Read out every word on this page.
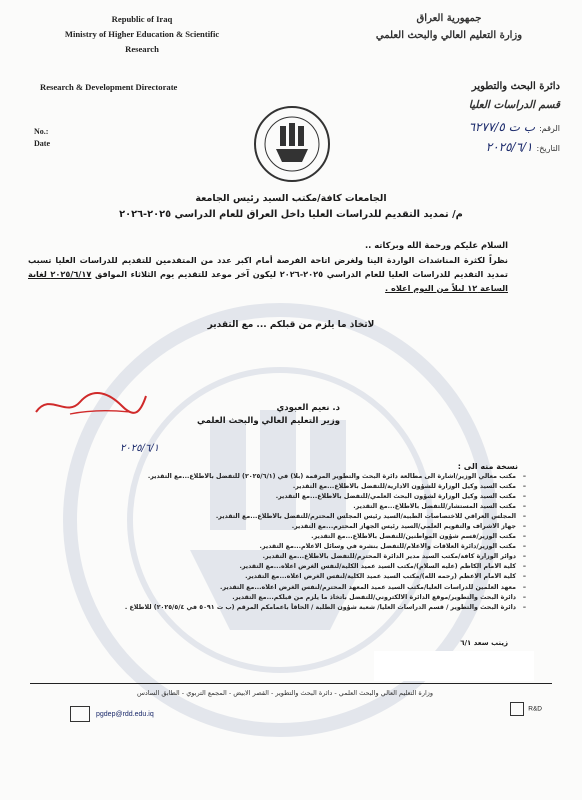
Republic of Iraq
Ministry of Higher Education & Scientific
Research
Research & Development Directorate
No.:
Date
جمهورية العراق
وزارة التعليم العالي والبحث العلمي
دائرة البحث والتطوير
قسم الدراسات العليا
الرقم:ب ت ٦٢٧٧/٥
التاريخ:٢٠٢٥/٦/١
الجامعات كافة/مكتب السيد رئيس الجامعة
م/ تمديد التقديم للدراسات العليا داخل العراق للعام الدراسي ٢٠٢٥-٢٠٢٦
السلام عليكم ورحمة الله وبركاته ..
نظراً لكثرة المناشدات الواردة الينا ولغرض اتاحة الفرصة أمام اكبر عدد من المتقدمين للتقديم للدراسات العليا تسبب تمديد التقديم للدراسات العليا للعام الدراسي ٢٠٢٥-٢٠٢٦ ليكون آخر موعد للتقديم يوم الثلاثاء الموافق ٢٠٢٥/٦/١٧ لغاية الساعة ١٢ ليلاً من اليوم اعلاه .
لاتخاذ ما يلزم من قبلكم ... مع التقدير
د. نعيم العبودي
وزير التعليم العالي والبحث العلمي
٢٠٢٥/٦/١
نسخة منه الى :
– مكتب معالي الوزير/اشارة الى مطالعة دائرة البحث والتطوير المرقمة (بلا) في (٢٠٢٥/٦/١) للتفضل بالاطلاع...مع التقدير.
– مكتب السيد وكيل الوزارة للشؤون الادارية/للتفضل بالاطلاع...مع التقدير.
– مكتب السيد وكيل الوزارة لشؤون البحث العلمي/للتفضل بالاطلاع...مع التقدير.
– مكتب السيد المستشار/للتفضل بالاطلاع...مع التقدير.
– المجلس العراقي للاختصاصات الطبية/السيد رئيس المجلس المحترم/للتفضل بالاطلاع...مع التقدير.
– جهاز الاشراف والتقويم العلمي/السيد رئيس الجهاز المحترم...مع التقدير.
– مكتب الوزير/قسم شؤون المواطنين/للتفضل بالاطلاع...مع التقدير.
– مكتب الوزير/دائرة العلاقات والاعلام/للتفضل بنشره في وسائل الاعلام...مع التقدير.
– دوائر الوزارة كافة/مكتب السيد مدير الدائرة المحترم/للتفضل بالاطلاع...مع التقدير.
– كلية الامام الكاظم (عليه السلام)/مكتب السيد عميد الكلية/لنفس الغرض اعلاه...مع التقدير.
– كلية الامام الاعظم (رحمه الله)/مكتب السيد عميد الكلية/لنفس الغرض اعلاه...مع التقدير.
– معهد العلمين للدراسات العليا/مكتب السيد عميد المعهد المحترم/لنفس الغرض اعلاه...مع التقدير.
– دائرة البحث والتطوير/موقع الدائرة الالكتروني/للتفضل باتخاذ ما يلزم من قبلكم...مع التقدير.
– دائرة البحث والتطوير / قسم الدراسات العليا/ شعبة شؤون الطلبة / الحاقاً باعمامكم المرقم (ب ت ٥٠٩١ في ٢٠٢٥/٥/٤) للاطلاع .
زينب سعد ٦/١
وزارة التعليم العالي والبحث العلمي - دائرة البحث والتطوير - القصر الابيض - المجمع التربوي - الطابق السادس
pgdep@rdd.edu.iq
R&D
